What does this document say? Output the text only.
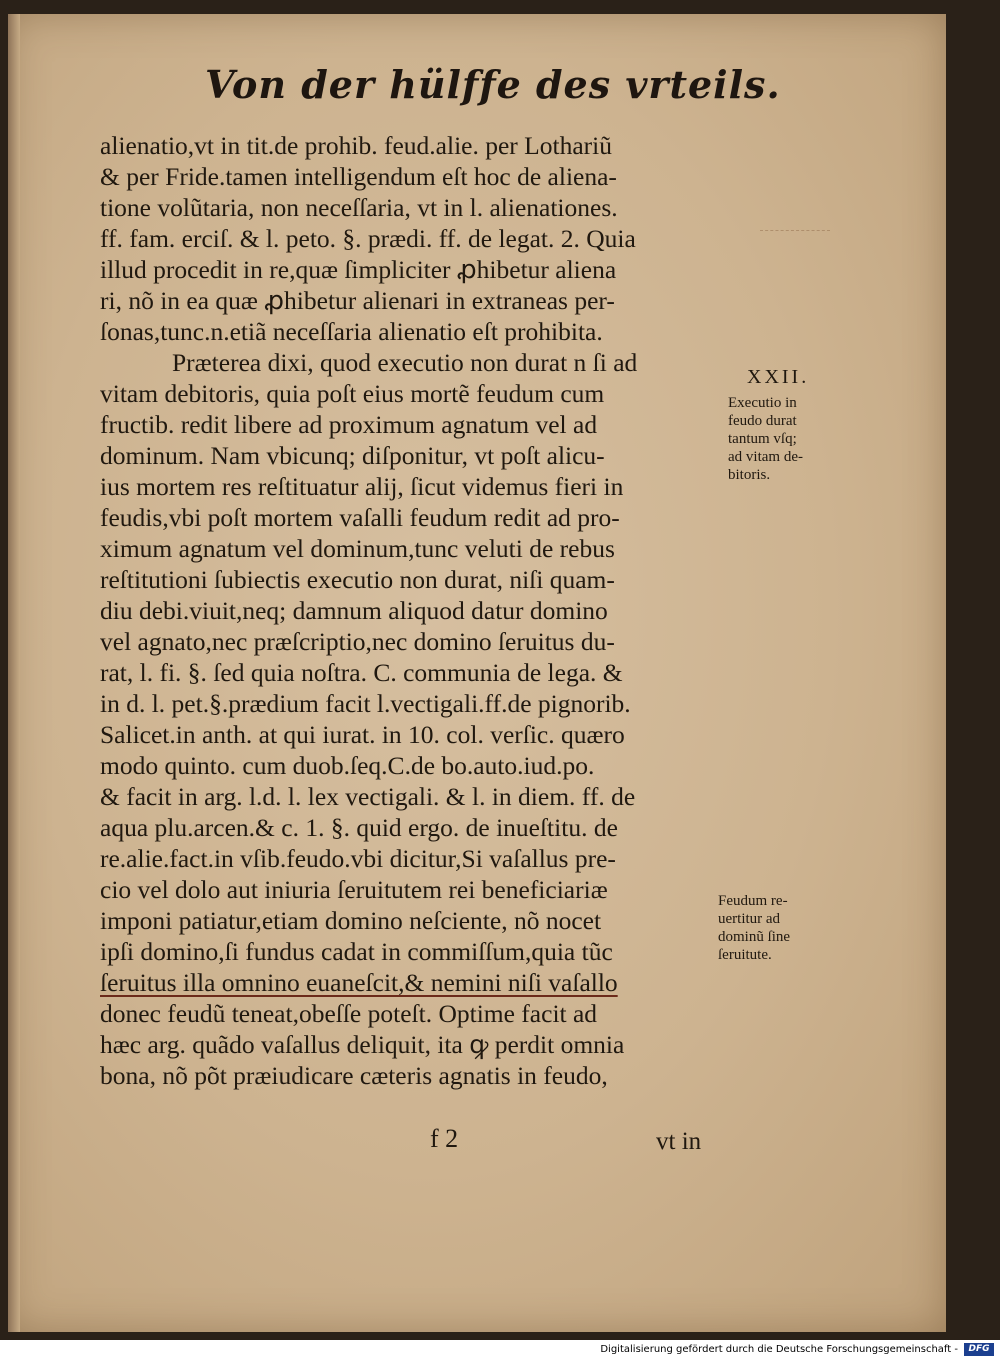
Von der hülffe des vrteils.
alienatio,vt in tit.de prohib. feud.alie. per Lothariũ
& per Fride.tamen intelligendum eſt hoc de aliena-
tione volũtaria, non neceſſaria, vt in l. alienationes.
ff. fam. erciſ. & l. peto. §. prædi. ff. de legat. 2. Quia
illud procedit in re,quæ ſimpliciter ꝓhibetur aliena
ri, nõ in ea quæ ꝓhibetur alienari in extraneas per-
ſonas,tunc.n.etiã neceſſaria alienatio eſt prohibita.
Præterea dixi, quod executio non durat n ſi ad
vitam debitoris, quia poſt eius mortẽ feudum cum
fructib. redit libere ad proximum agnatum vel ad
dominum. Nam vbicunq; diſponitur, vt poſt alicu-
ius mortem res reſtituatur alij, ſicut videmus fieri in
feudis,vbi poſt mortem vaſalli feudum redit ad pro-
ximum agnatum vel dominum,tunc veluti de rebus
reſtitutioni ſubiectis executio non durat, niſi quam-
diu debi.viuit,neq; damnum aliquod datur domino
vel agnato,nec præſcriptio,nec domino ſeruitus du-
rat, l. fi. §. ſed quia noſtra. C. communia de lega. &
in d. l. pet.§.prædium facit l.vectigali.ff.de pignorib.
Salicet.in anth. at qui iurat. in 10. col. verſic. quæro
modo quinto. cum duob.ſeq.C.de bo.auto.iud.po.
& facit in arg. l.d. l. lex vectigali. & l. in diem. ff. de
aqua plu.arcen.& c. 1. §. quid ergo. de inueſtitu. de
re.alie.fact.in vſib.feudo.vbi dicitur,Si vaſallus pre-
cio vel dolo aut iniuria ſeruitutem rei beneficiariæ
imponi patiatur,etiam domino neſciente, nõ nocet
ipſi domino,ſi fundus cadat in commiſſum,quia tũc
ſeruitus illa omnino euaneſcit,& nemini niſi vaſallo
donec feudũ teneat,obeſſe poteſt. Optime facit ad
hæc arg. quãdo vaſallus deliquit, ita ꝙ perdit omnia
bona, nõ põt præiudicare cæteris agnatis in feudo,
XXII.
Executio in
feudo durat
tantum vſq;
ad vitam de-
bitoris.
Feudum re-
uertitur ad
dominũ ſine
ſeruitute.
f 2	vt in
Digitalisierung gefördert durch die Deutsche Forschungsgemeinschaft -	DFG
